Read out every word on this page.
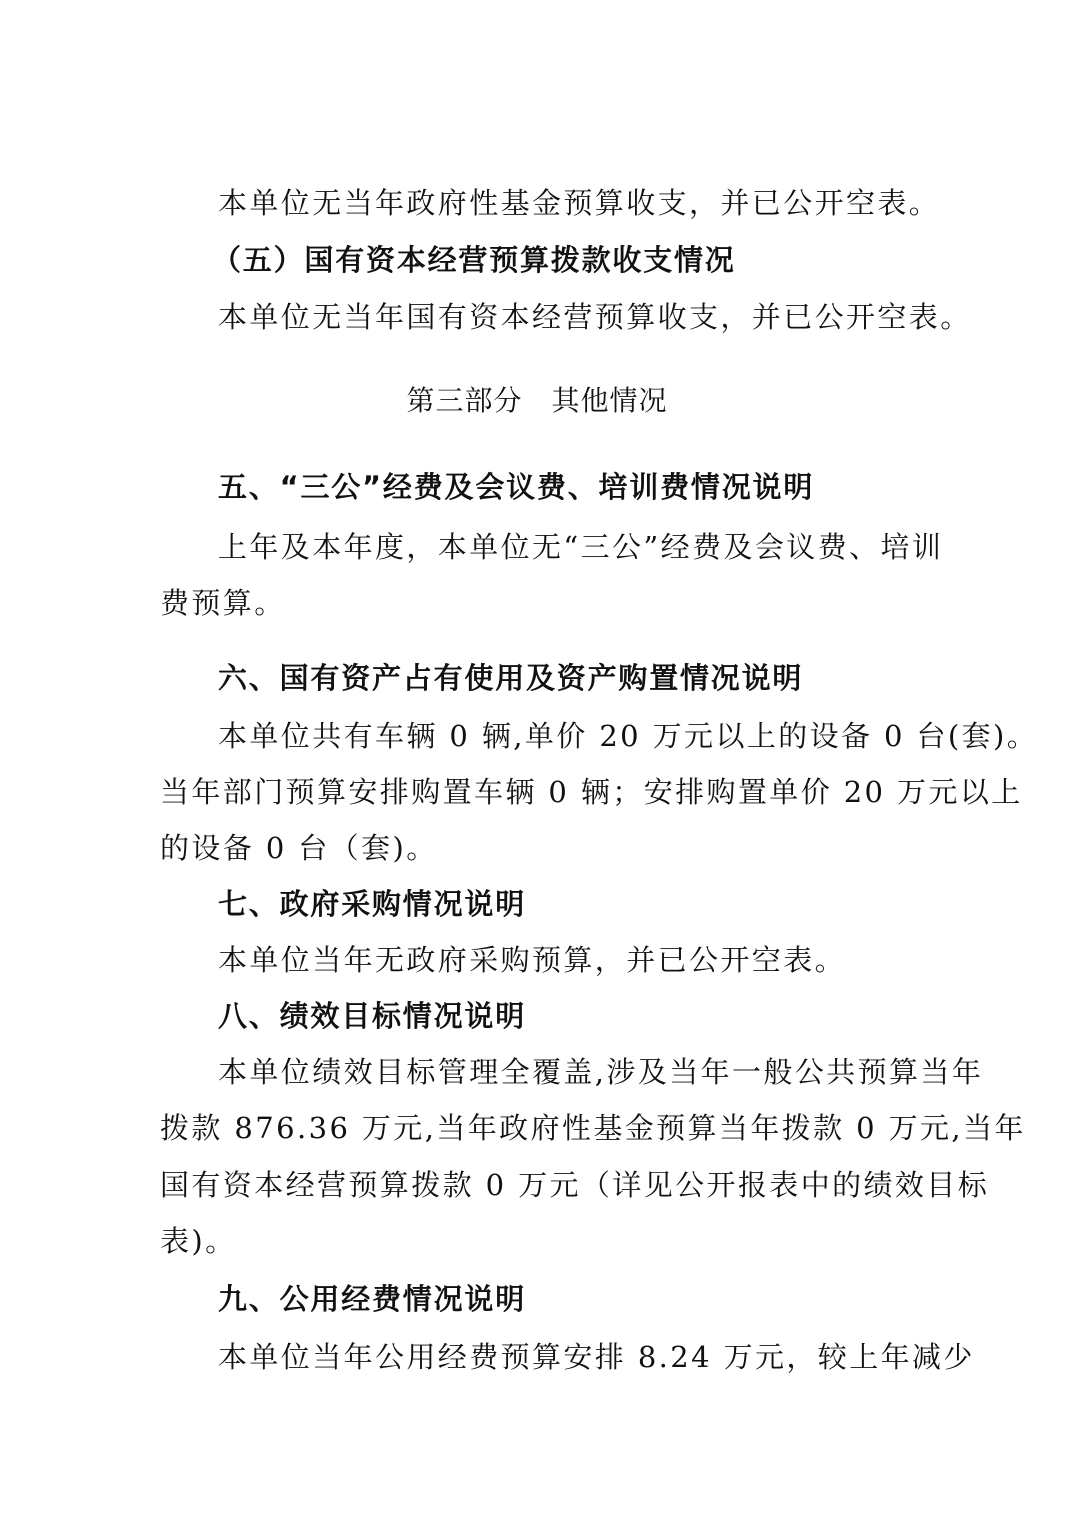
本单位无当年政府性基金预算收支，并已公开空表。
（五）国有资本经营预算拨款收支情况
本单位无当年国有资本经营预算收支，并已公开空表。
第三部分　其他情况
五、“三公”经费及会议费、培训费情况说明
上年及本年度，本单位无“三公”经费及会议费、培训
费预算。
六、国有资产占有使用及资产购置情况说明
本单位共有车辆 0 辆,单价 20 万元以上的设备 0 台(套)。
当年部门预算安排购置车辆 0 辆；安排购置单价 20 万元以上
的设备 0 台（套)。
七、政府采购情况说明
本单位当年无政府采购预算，并已公开空表。
八、绩效目标情况说明
本单位绩效目标管理全覆盖,涉及当年一般公共预算当年
拨款 876.36 万元,当年政府性基金预算当年拨款 0 万元,当年
国有资本经营预算拨款 0 万元（详见公开报表中的绩效目标
表)。
九、公用经费情况说明
本单位当年公用经费预算安排 8.24 万元，较上年减少
